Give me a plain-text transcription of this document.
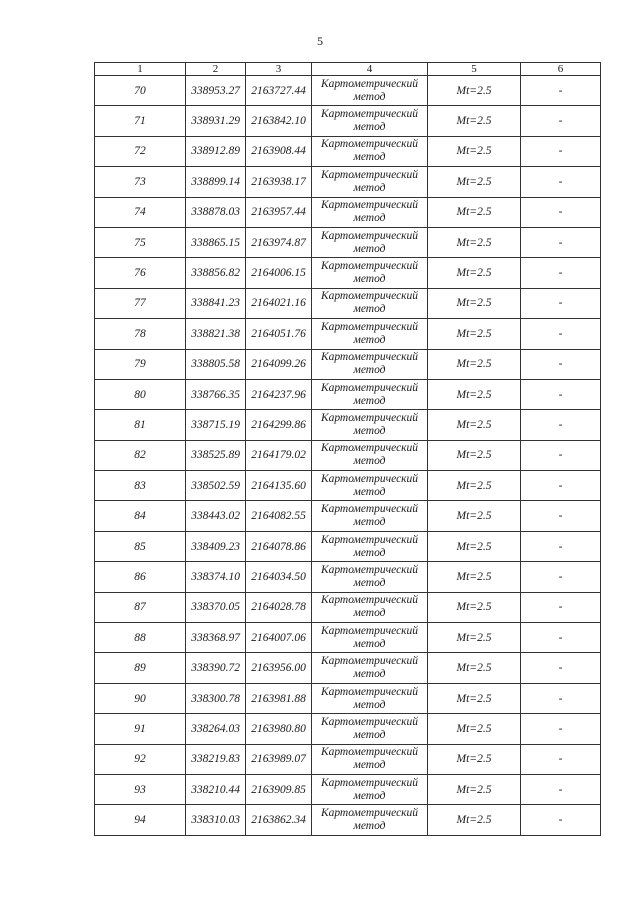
5
1	2	3	4	5	6
70	338953.27	2163727.44	Картометрический метод	Mt=2.5	-
71	338931.29	2163842.10	Картометрический метод	Mt=2.5	-
72	338912.89	2163908.44	Картометрический метод	Mt=2.5	-
73	338899.14	2163938.17	Картометрический метод	Mt=2.5	-
74	338878.03	2163957.44	Картометрический метод	Mt=2.5	-
75	338865.15	2163974.87	Картометрический метод	Mt=2.5	-
76	338856.82	2164006.15	Картометрический метод	Mt=2.5	-
77	338841.23	2164021.16	Картометрический метод	Mt=2.5	-
78	338821.38	2164051.76	Картометрический метод	Mt=2.5	-
79	338805.58	2164099.26	Картометрический метод	Mt=2.5	-
80	338766.35	2164237.96	Картометрический метод	Mt=2.5	-
81	338715.19	2164299.86	Картометрический метод	Mt=2.5	-
82	338525.89	2164179.02	Картометрический метод	Mt=2.5	-
83	338502.59	2164135.60	Картометрический метод	Mt=2.5	-
84	338443.02	2164082.55	Картометрический метод	Mt=2.5	-
85	338409.23	2164078.86	Картометрический метод	Mt=2.5	-
86	338374.10	2164034.50	Картометрический метод	Mt=2.5	-
87	338370.05	2164028.78	Картометрический метод	Mt=2.5	-
88	338368.97	2164007.06	Картометрический метод	Mt=2.5	-
89	338390.72	2163956.00	Картометрический метод	Mt=2.5	-
90	338300.78	2163981.88	Картометрический метод	Mt=2.5	-
91	338264.03	2163980.80	Картометрический метод	Mt=2.5	-
92	338219.83	2163989.07	Картометрический метод	Mt=2.5	-
93	338210.44	2163909.85	Картометрический метод	Mt=2.5	-
94	338310.03	2163862.34	Картометрический метод	Mt=2.5	-
